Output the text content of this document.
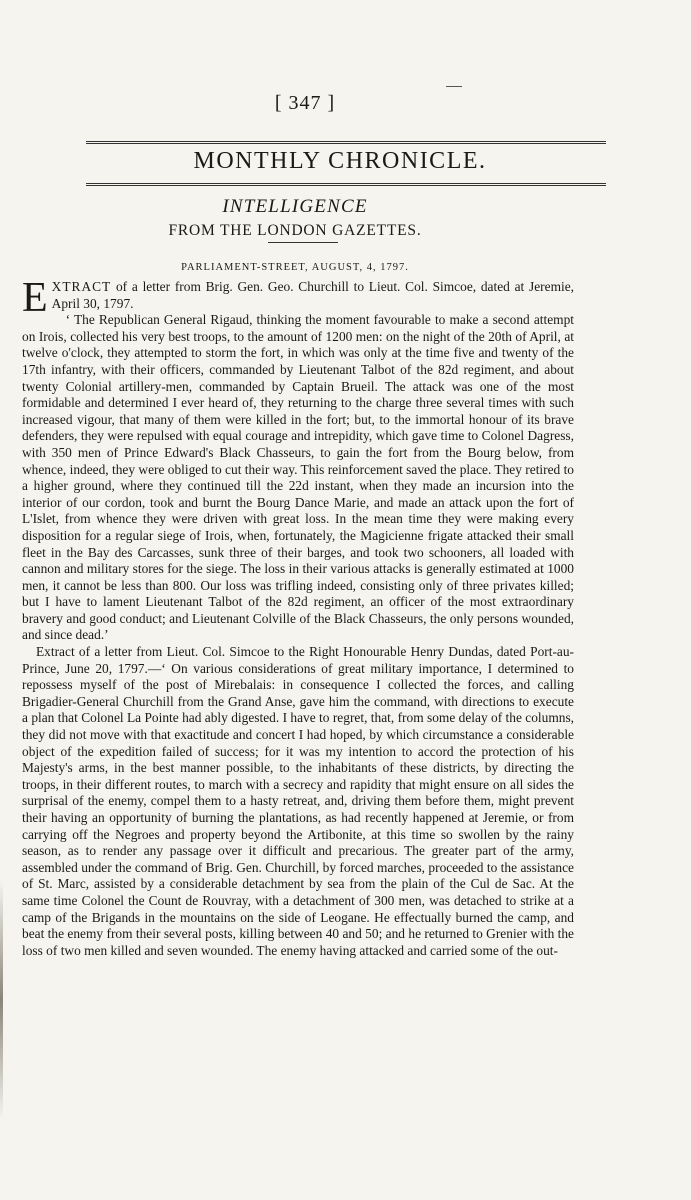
[ 347 ]
MONTHLY CHRONICLE.
INTELLIGENCE
FROM THE LONDON GAZETTES.
PARLIAMENT-STREET, AUGUST, 4, 1797.

EXTRACT of a letter from Brig. Gen. Geo. Churchill to Lieut. Col. Simcoe, dated at Jeremie, April 30, 1797.

‘ The Republican General Rigaud, thinking the moment favourable to make a second attempt on Irois, collected his very best troops, to the amount of 1200 men: on the night of the 20th of April, at twelve o'clock, they attempted to storm the fort, in which was only at the time five and twenty of the 17th infantry, with their officers, commanded by Lieutenant Talbot of the 82d regiment, and about twenty Colonial artillery-men, commanded by Captain Brueil. The attack was one of the most formidable and determined I ever heard of, they returning to the charge three several times with such increased vigour, that many of them were killed in the fort; but, to the immortal honour of its brave defenders, they were repulsed with equal courage and intrepidity, which gave time to Colonel Dagress, with 350 men of Prince Edward's Black Chasseurs, to gain the fort from the Bourg below, from whence, indeed, they were obliged to cut their way. This reinforcement saved the place. They retired to a higher ground, where they continued till the 22d instant, when they made an incursion into the interior of our cordon, took and burnt the Bourg Dance Marie, and made an attack upon the fort of L'Islet, from whence they were driven with great loss. In the mean time they were making every disposition for a regular siege of Irois, when, fortunately, the Magicienne frigate attacked their small fleet in the Bay des Carcasses, sunk three of their barges, and took two schooners, all loaded with cannon and military stores for the siege. The loss in their various attacks is generally estimated at 1000 men, it cannot be less than 800. Our loss was trifling indeed, consisting only of three privates killed; but I have to lament Lieutenant Talbot of the 82d regiment, an officer of the most extraordinary bravery and good conduct; and Lieutenant Colville of the Black Chasseurs, the only persons wounded, and since dead.’

Extract of a letter from Lieut. Col. Simcoe to the Right Honourable Henry Dundas, dated Port-au-Prince, June 20, 1797.—‘ On various considerations of great military importance, I determined to repossess myself of the post of Mirebalais: in consequence I collected the forces, and calling Brigadier-General Churchill from the Grand Anse, gave him the command, with directions to execute a plan that Colonel La Pointe had ably digested. I have to regret, that, from some delay of the columns, they did not move with that exactitude and concert I had hoped, by which circumstance a considerable object of the expedition failed of success; for it was my intention to accord the protection of his Majesty's arms, in the best manner possible, to the inhabitants of these districts, by directing the troops, in their different routes, to march with a secrecy and rapidity that might ensure on all sides the surprisal of the enemy, compel them to a hasty retreat, and, driving them before them, might prevent their having an opportunity of burning the plantations, as had recently happened at Jeremie, or from carrying off the Negroes and property beyond the Artibonite, at this time so swollen by the rainy season, as to render any passage over it difficult and precarious. The greater part of the army, assembled under the command of Brig. Gen. Churchill, by forced marches, proceeded to the assistance of St. Marc, assisted by a considerable detachment by sea from the plain of the Cul de Sac. At the same time Colonel the Count de Rouvray, with a detachment of 300 men, was detached to strike at a camp of the Brigands in the mountains on the side of Leogane. He effectually burned the camp, and beat the enemy from their several posts, killing between 40 and 50; and he returned to Grenier with the loss of two men killed and seven wounded. The enemy having attacked and carried some of the out-
